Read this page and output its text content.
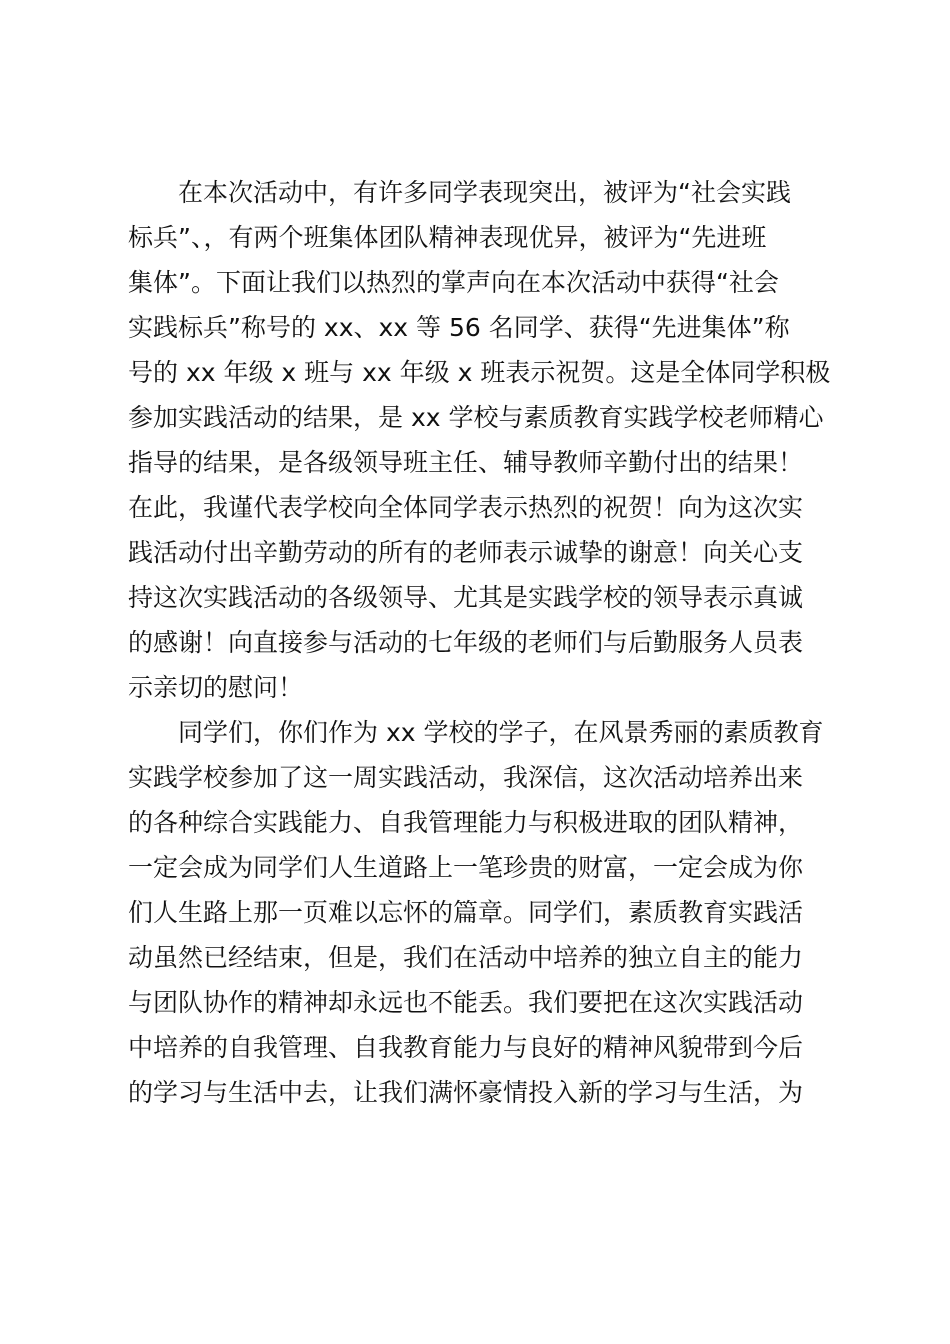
　　在本次活动中，有许多同学表现突出，被评为“社会实践
标兵”、，有两个班集体团队精神表现优异，被评为“先进班
集体”。下面让我们以热烈的掌声向在本次活动中获得“社会
实践标兵”称号的 xx、xx 等 56 名同学、获得“先进集体”称
号的 xx 年级 x 班与 xx 年级 x 班表示祝贺。这是全体同学积极
参加实践活动的结果，是 xx 学校与素质教育实践学校老师精心
指导的结果，是各级领导班主任、辅导教师辛勤付出的结果！
在此，我谨代表学校向全体同学表示热烈的祝贺！向为这次实
践活动付出辛勤劳动的所有的老师表示诚挚的谢意！向关心支
持这次实践活动的各级领导、尤其是实践学校的领导表示真诚
的感谢！向直接参与活动的七年级的老师们与后勤服务人员表
示亲切的慰问！
　　同学们，你们作为 xx 学校的学子，在风景秀丽的素质教育
实践学校参加了这一周实践活动，我深信，这次活动培养出来
的各种综合实践能力、自我管理能力与积极进取的团队精神，
一定会成为同学们人生道路上一笔珍贵的财富，一定会成为你
们人生路上那一页难以忘怀的篇章。同学们，素质教育实践活
动虽然已经结束，但是，我们在活动中培养的独立自主的能力
与团队协作的精神却永远也不能丢。我们要把在这次实践活动
中培养的自我管理、自我教育能力与良好的精神风貌带到今后
的学习与生活中去，让我们满怀豪情投入新的学习与生活，为
